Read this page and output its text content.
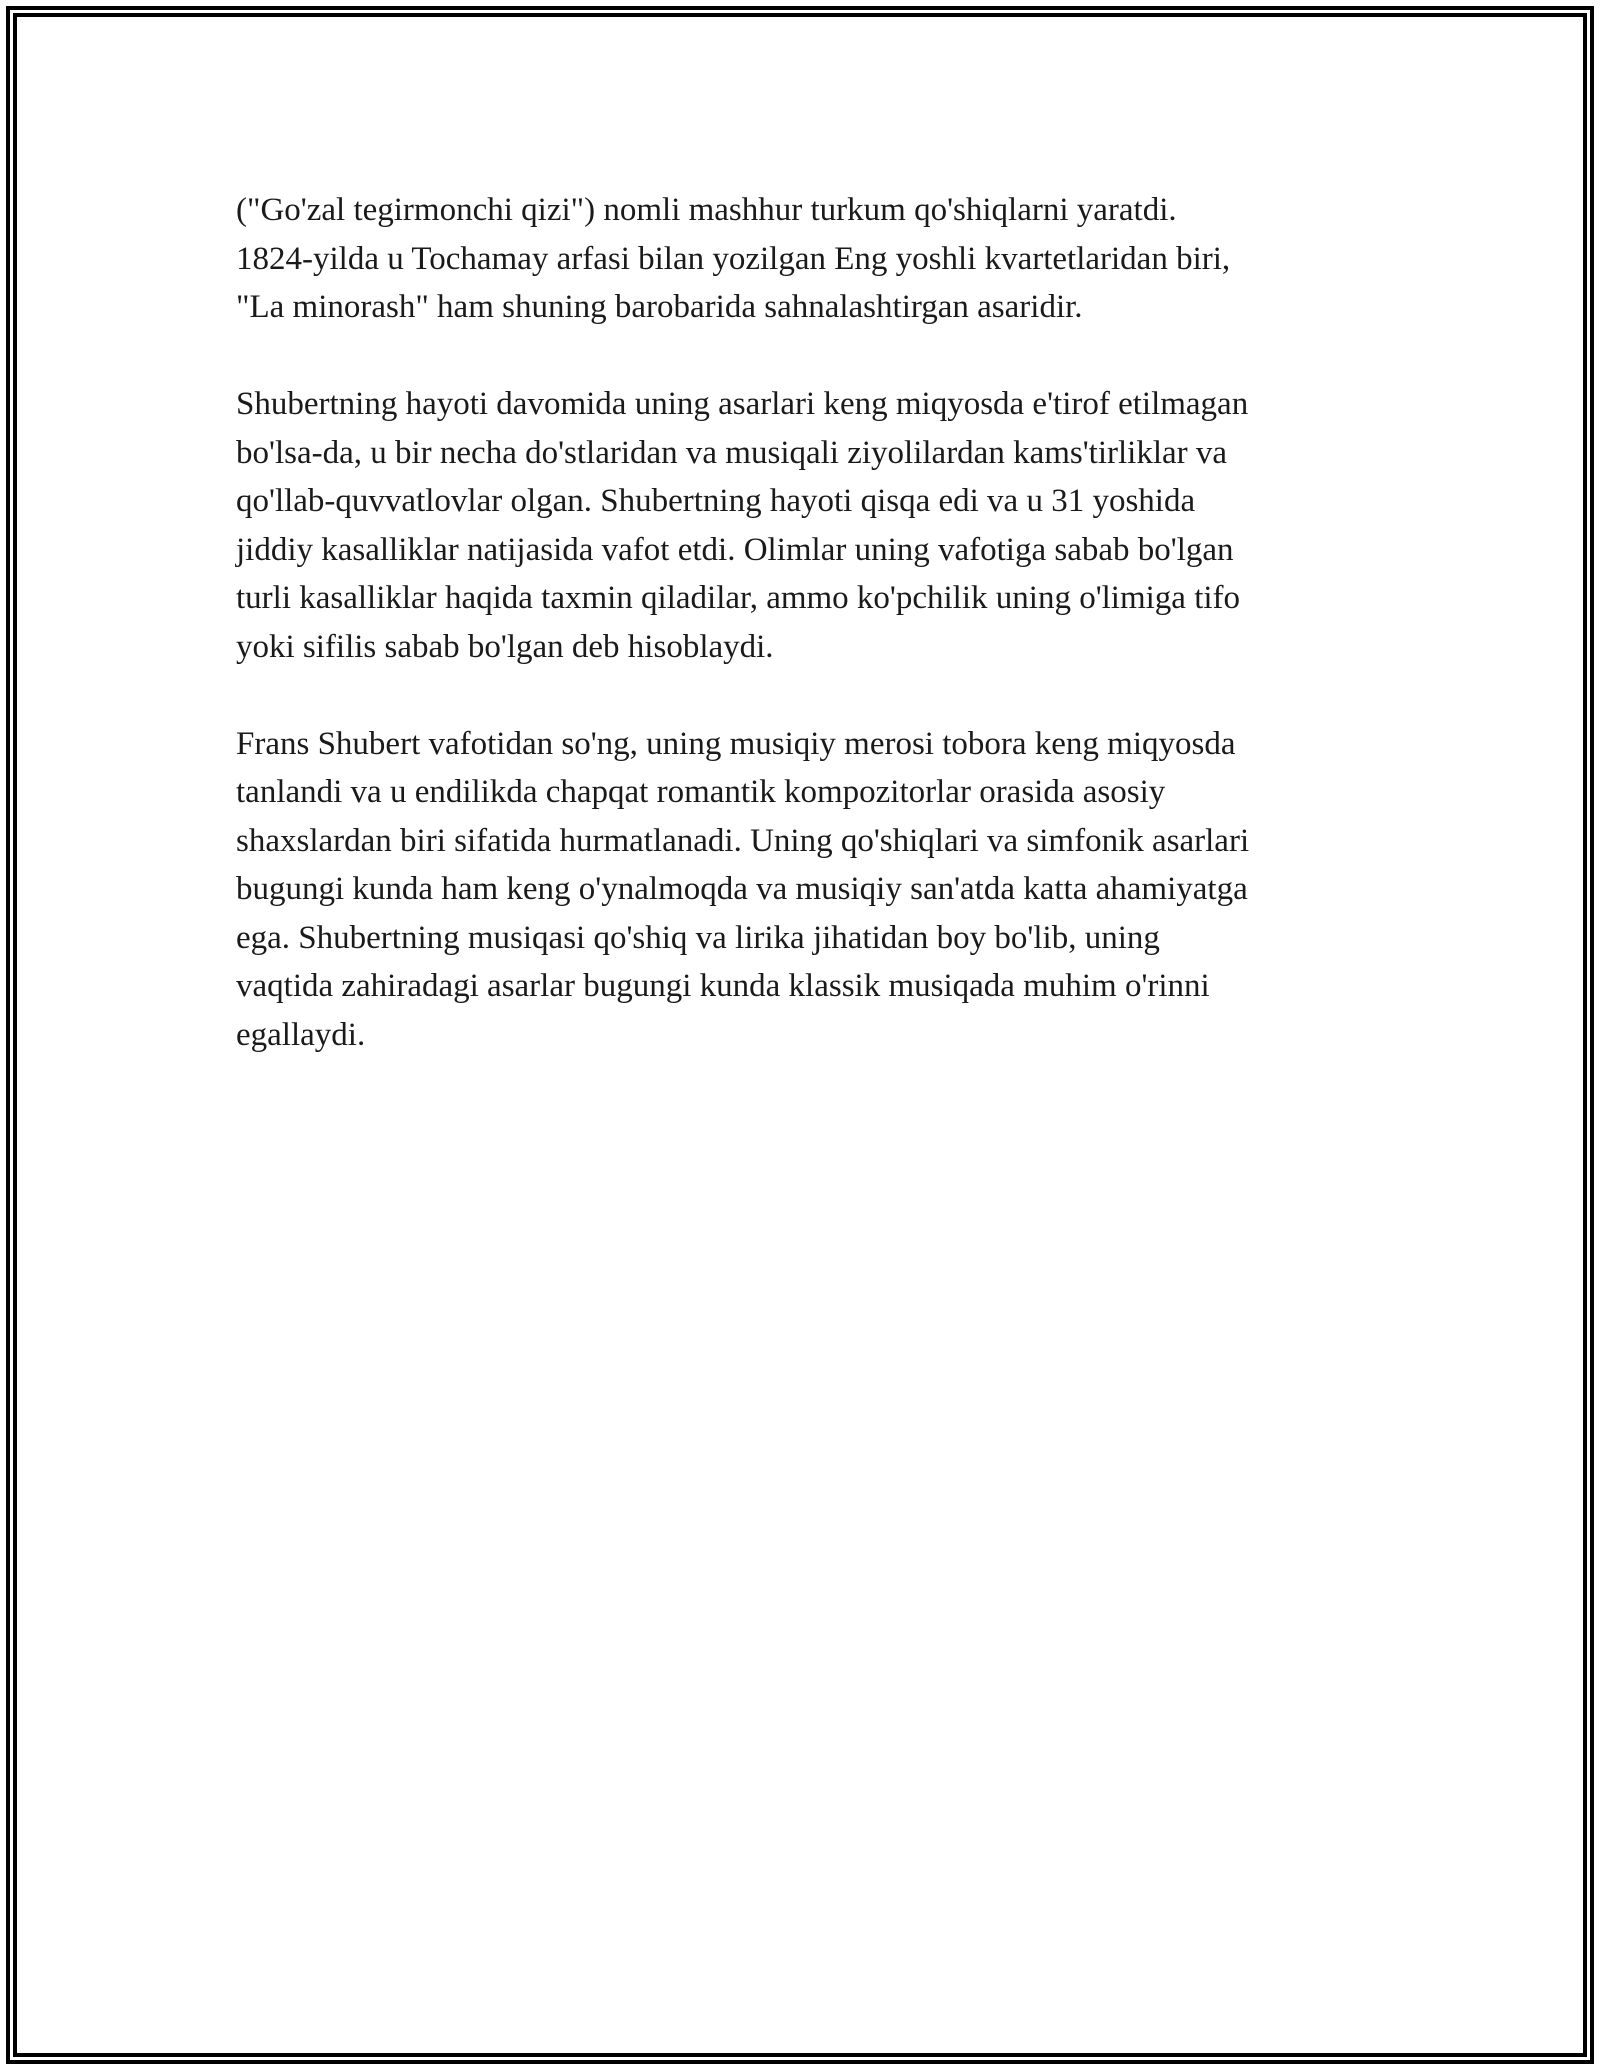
("Go'zal tegirmonchi qizi") nomli mashhur turkum qo'shiqlarni yaratdi.
1824-yilda u Tochamay arfasi bilan yozilgan Eng yoshli kvartetlaridan biri,
"La minorash" ham shuning barobarida sahnalashtirgan asaridir.

Shubertning hayoti davomida uning asarlari keng miqyosda e'tirof etilmagan
bo'lsa-da, u bir necha do'stlaridan va musiqali ziyolilardan kams'tirliklar va
qo'llab-quvvatlovlar olgan. Shubertning hayoti qisqa edi va u 31 yoshida
jiddiy kasalliklar natijasida vafot etdi. Olimlar uning vafotiga sabab bo'lgan
turli kasalliklar haqida taxmin qiladilar, ammo ko'pchilik uning o'limiga tifo
yoki sifilis sabab bo'lgan deb hisoblaydi.

Frans Shubert vafotidan so'ng, uning musiqiy merosi tobora keng miqyosda
tanlandi va u endilikda chapqat romantik kompozitorlar orasida asosiy
shaxslardan biri sifatida hurmatlanadi. Uning qo'shiqlari va simfonik asarlari
bugungi kunda ham keng o'ynalmoqda va musiqiy san'atda katta ahamiyatga
ega. Shubertning musiqasi qo'shiq va lirika jihatidan boy bo'lib, uning
vaqtida zahiradagi asarlar bugungi kunda klassik musiqada muhim o'rinni
egallaydi.
